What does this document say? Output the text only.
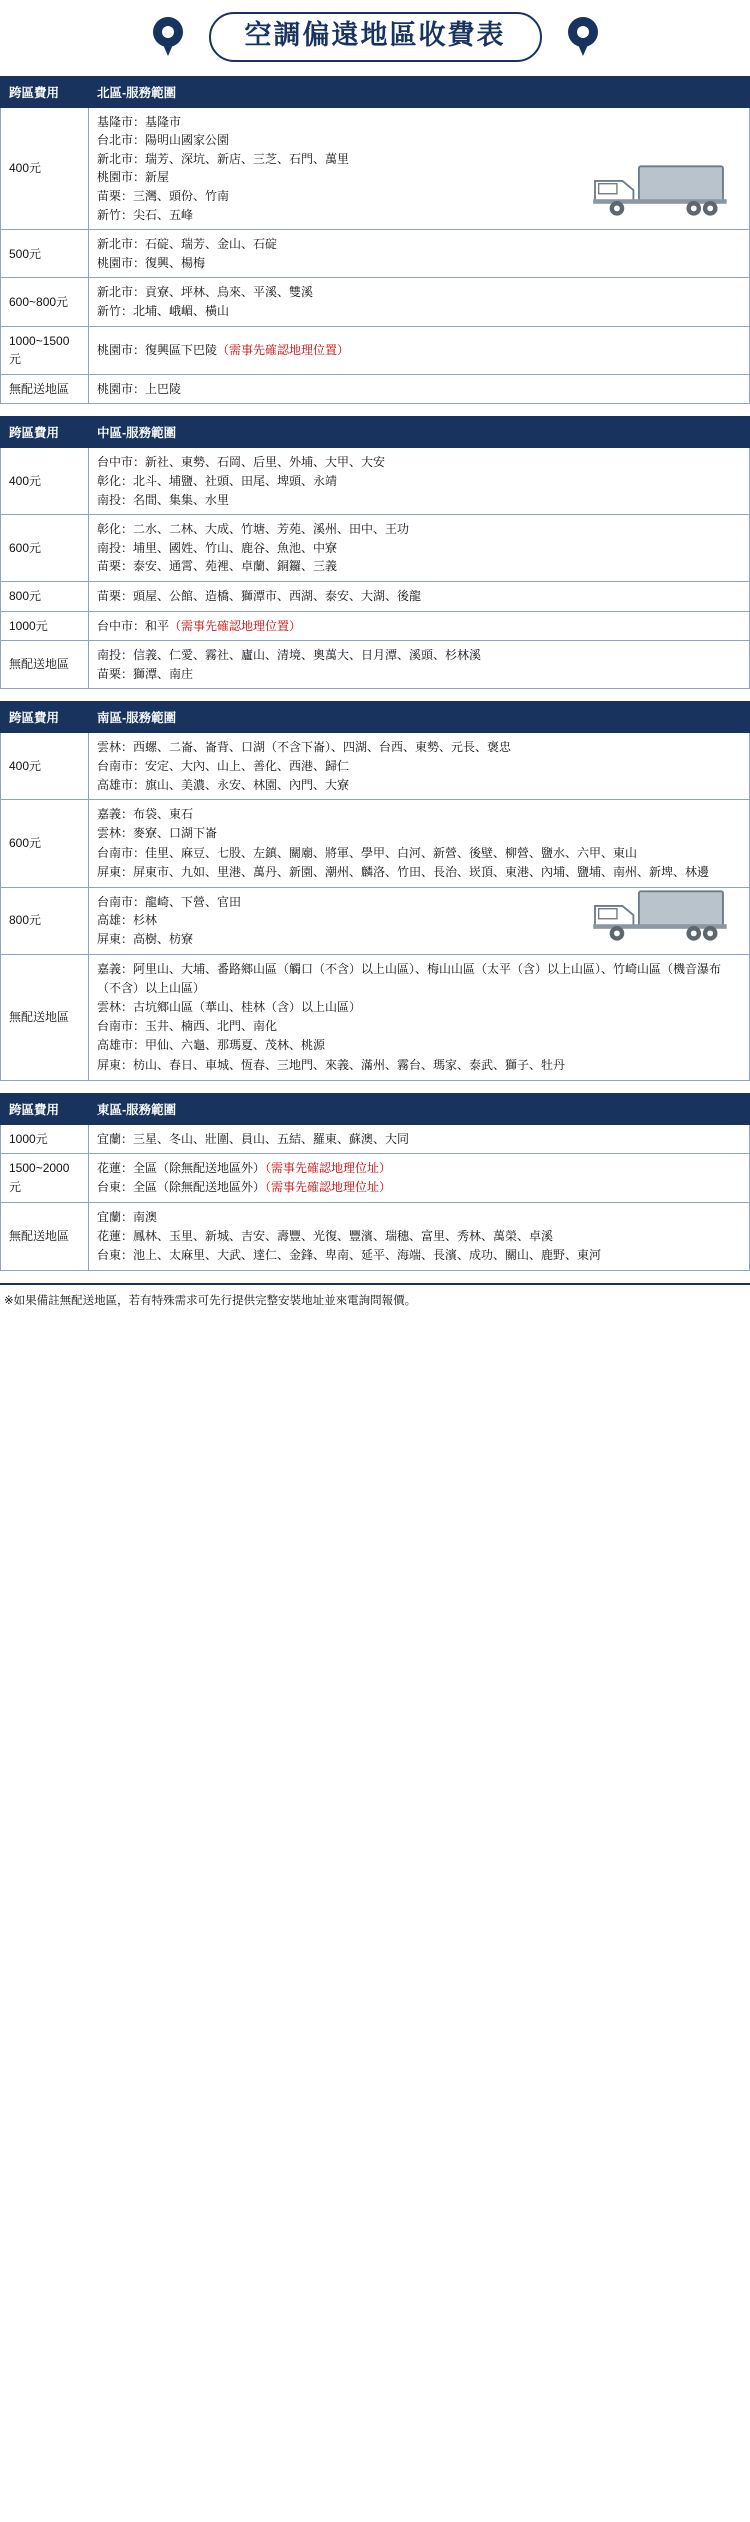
空調偏遠地區收費表
跨區費用	北區-服務範圍
400元	
基隆市：基隆市
台北市：陽明山國家公園
新北市：瑞芳、深坑、新店、三芝、石門、萬里
桃園市：新屋
苗栗：三灣、頭份、竹南
新竹：尖石、五峰

500元	新北市：石碇、瑞芳、金山、石碇
桃園市：復興、楊梅

600~800元	新北市：貢寮、坪林、烏來、平溪、雙溪
新竹：北埔、峨嵋、橫山

1000~1500元	桃園市：復興區下巴陵（需事先確認地理位置）

無配送地區	桃園市：上巴陵
跨區費用	中區-服務範圍
400元	台中市：新社、東勢、石岡、后里、外埔、大甲、大安
彰化：北斗、埔鹽、社頭、田尾、埤頭、永靖
南投：名間、集集、水里

600元	彰化：二水、二林、大成、竹塘、芳苑、溪州、田中、王功
南投：埔里、國姓、竹山、鹿谷、魚池、中寮
苗栗：泰安、通霄、苑裡、卓蘭、銅鑼、三義

800元	苗栗：頭屋、公館、造橋、獅潭市、西湖、泰安、大湖、後龍

1000元	台中市：和平（需事先確認地理位置）

無配送地區	南投：信義、仁愛、霧社、廬山、清境、奧萬大、日月潭、溪頭、杉林溪
苗栗：獅潭、南庄
跨區費用	南區-服務範圍
400元	雲林：西螺、二崙、崙背、口湖（不含下崙）、四湖、台西、東勢、元長、褒忠
台南市：安定、大內、山上、善化、西港、歸仁
高雄市：旗山、美濃、永安、林園、內門、大寮

600元	嘉義：布袋、東石
雲林：麥寮、口湖下崙
台南市：佳里、麻豆、七股、左鎮、關廟、將軍、學甲、白河、新營、後壁、柳營、鹽水、六甲、東山
屏東：屏東市、九如、里港、萬丹、新園、潮州、麟洛、竹田、長治、崁頂、東港、內埔、鹽埔、南州、新埤、林邊

800元	台南市：龍崎、下營、官田
高雄：杉林
屏東：高樹、枋寮

無配送地區	嘉義：阿里山、大埔、番路鄉山區（觸口（不含）以上山區）、梅山山區（太平（含）以上山區）、竹崎山區（機音瀑布（不含）以上山區）
雲林：古坑鄉山區（華山、桂林（含）以上山區）
台南市：玉井、楠西、北門、南化
高雄市：甲仙、六龜、那瑪夏、茂林、桃源
屏東：枋山、春日、車城、恆春、三地門、來義、滿州、霧台、瑪家、泰武、獅子、牡丹
跨區費用	東區-服務範圍
1000元	宜蘭：三星、冬山、壯圍、員山、五結、羅東、蘇澳、大同

1500~2000元	花蓮：全區（除無配送地區外）（需事先確認地理位址）
台東：全區（除無配送地區外）（需事先確認地理位址）

無配送地區	宜蘭：南澳
花蓮：鳳林、玉里、新城、吉安、壽豐、光復、豐濱、瑞穗、富里、秀林、萬榮、卓溪
台東：池上、太麻里、大武、達仁、金鋒、卑南、延平、海端、長濱、成功、關山、鹿野、東河
※如果備註無配送地區，若有特殊需求可先行提供完整安裝地址並來電詢問報價。
